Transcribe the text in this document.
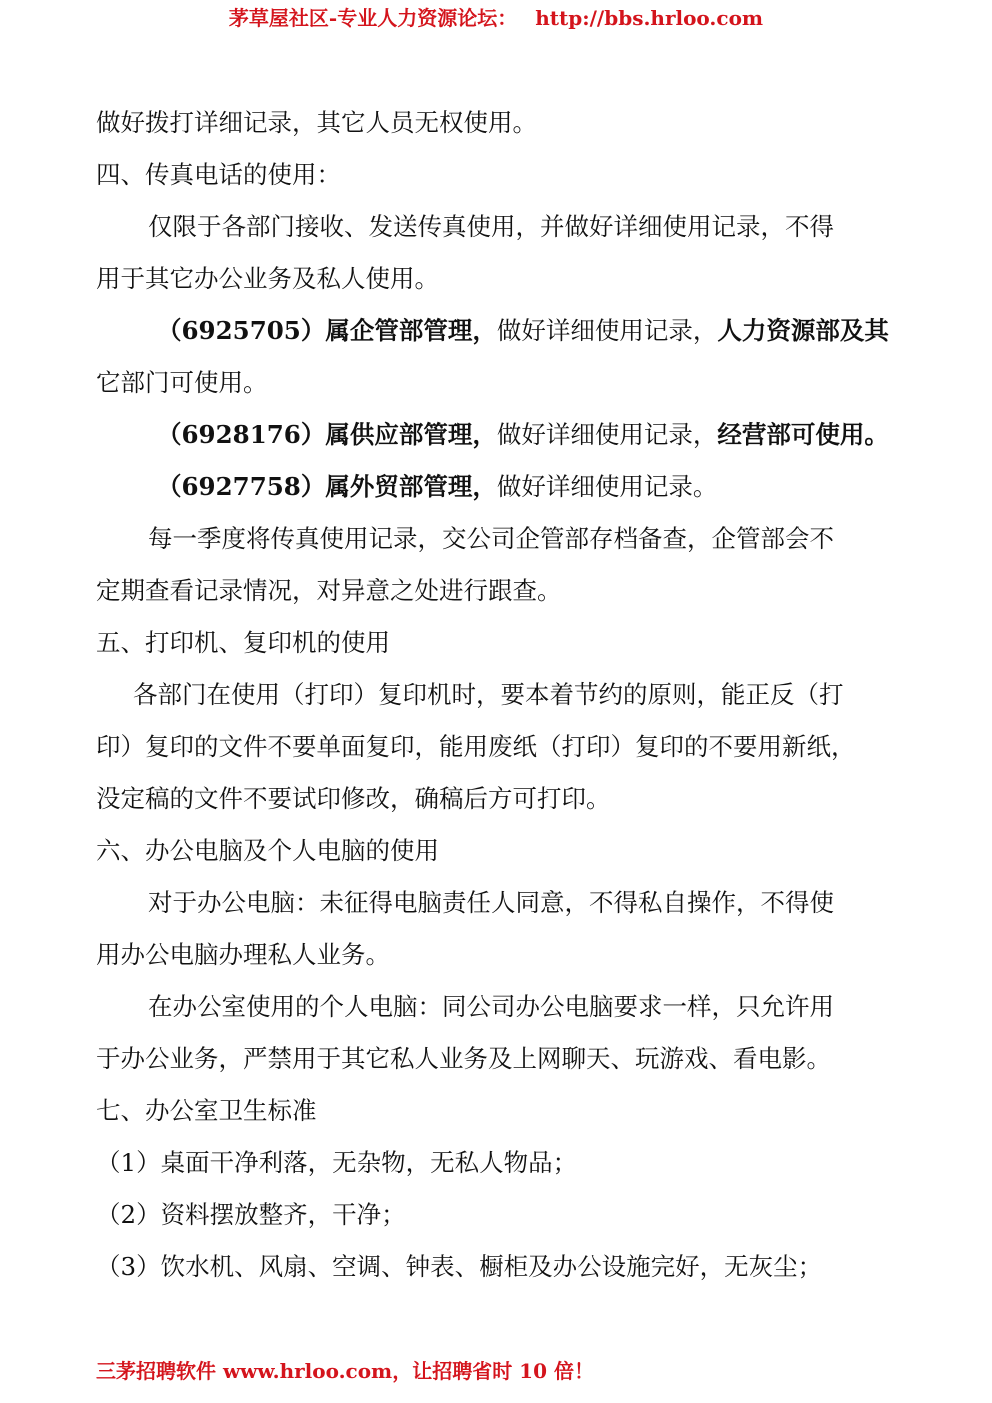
茅草屋社区-专业人力资源论坛： http://bbs.hrloo.com
做好拨打详细记录，其它人员无权使用。
四、传真电话的使用：
仅限于各部门接收、发送传真使用，并做好详细使用记录，不得
用于其它办公业务及私人使用。
（6925705）属企管部管理，做好详细使用记录，人力资源部及其
它部门可使用。
（6928176）属供应部管理，做好详细使用记录，经营部可使用。
（6927758）属外贸部管理，做好详细使用记录。
每一季度将传真使用记录，交公司企管部存档备查，企管部会不
定期查看记录情况，对异意之处进行跟查。
五、打印机、复印机的使用
各部门在使用（打印）复印机时，要本着节约的原则，能正反（打
印）复印的文件不要单面复印，能用废纸（打印）复印的不要用新纸，
没定稿的文件不要试印修改，确稿后方可打印。
六、办公电脑及个人电脑的使用
对于办公电脑：未征得电脑责任人同意，不得私自操作，不得使
用办公电脑办理私人业务。
在办公室使用的个人电脑：同公司办公电脑要求一样，只允许用
于办公业务，严禁用于其它私人业务及上网聊天、玩游戏、看电影。
七、办公室卫生标准
（1）桌面干净利落，无杂物，无私人物品；
（2）资料摆放整齐，干净；
（3）饮水机、风扇、空调、钟表、橱柜及办公设施完好，无灰尘；
三茅招聘软件 www.hrloo.com，让招聘省时 10 倍！
